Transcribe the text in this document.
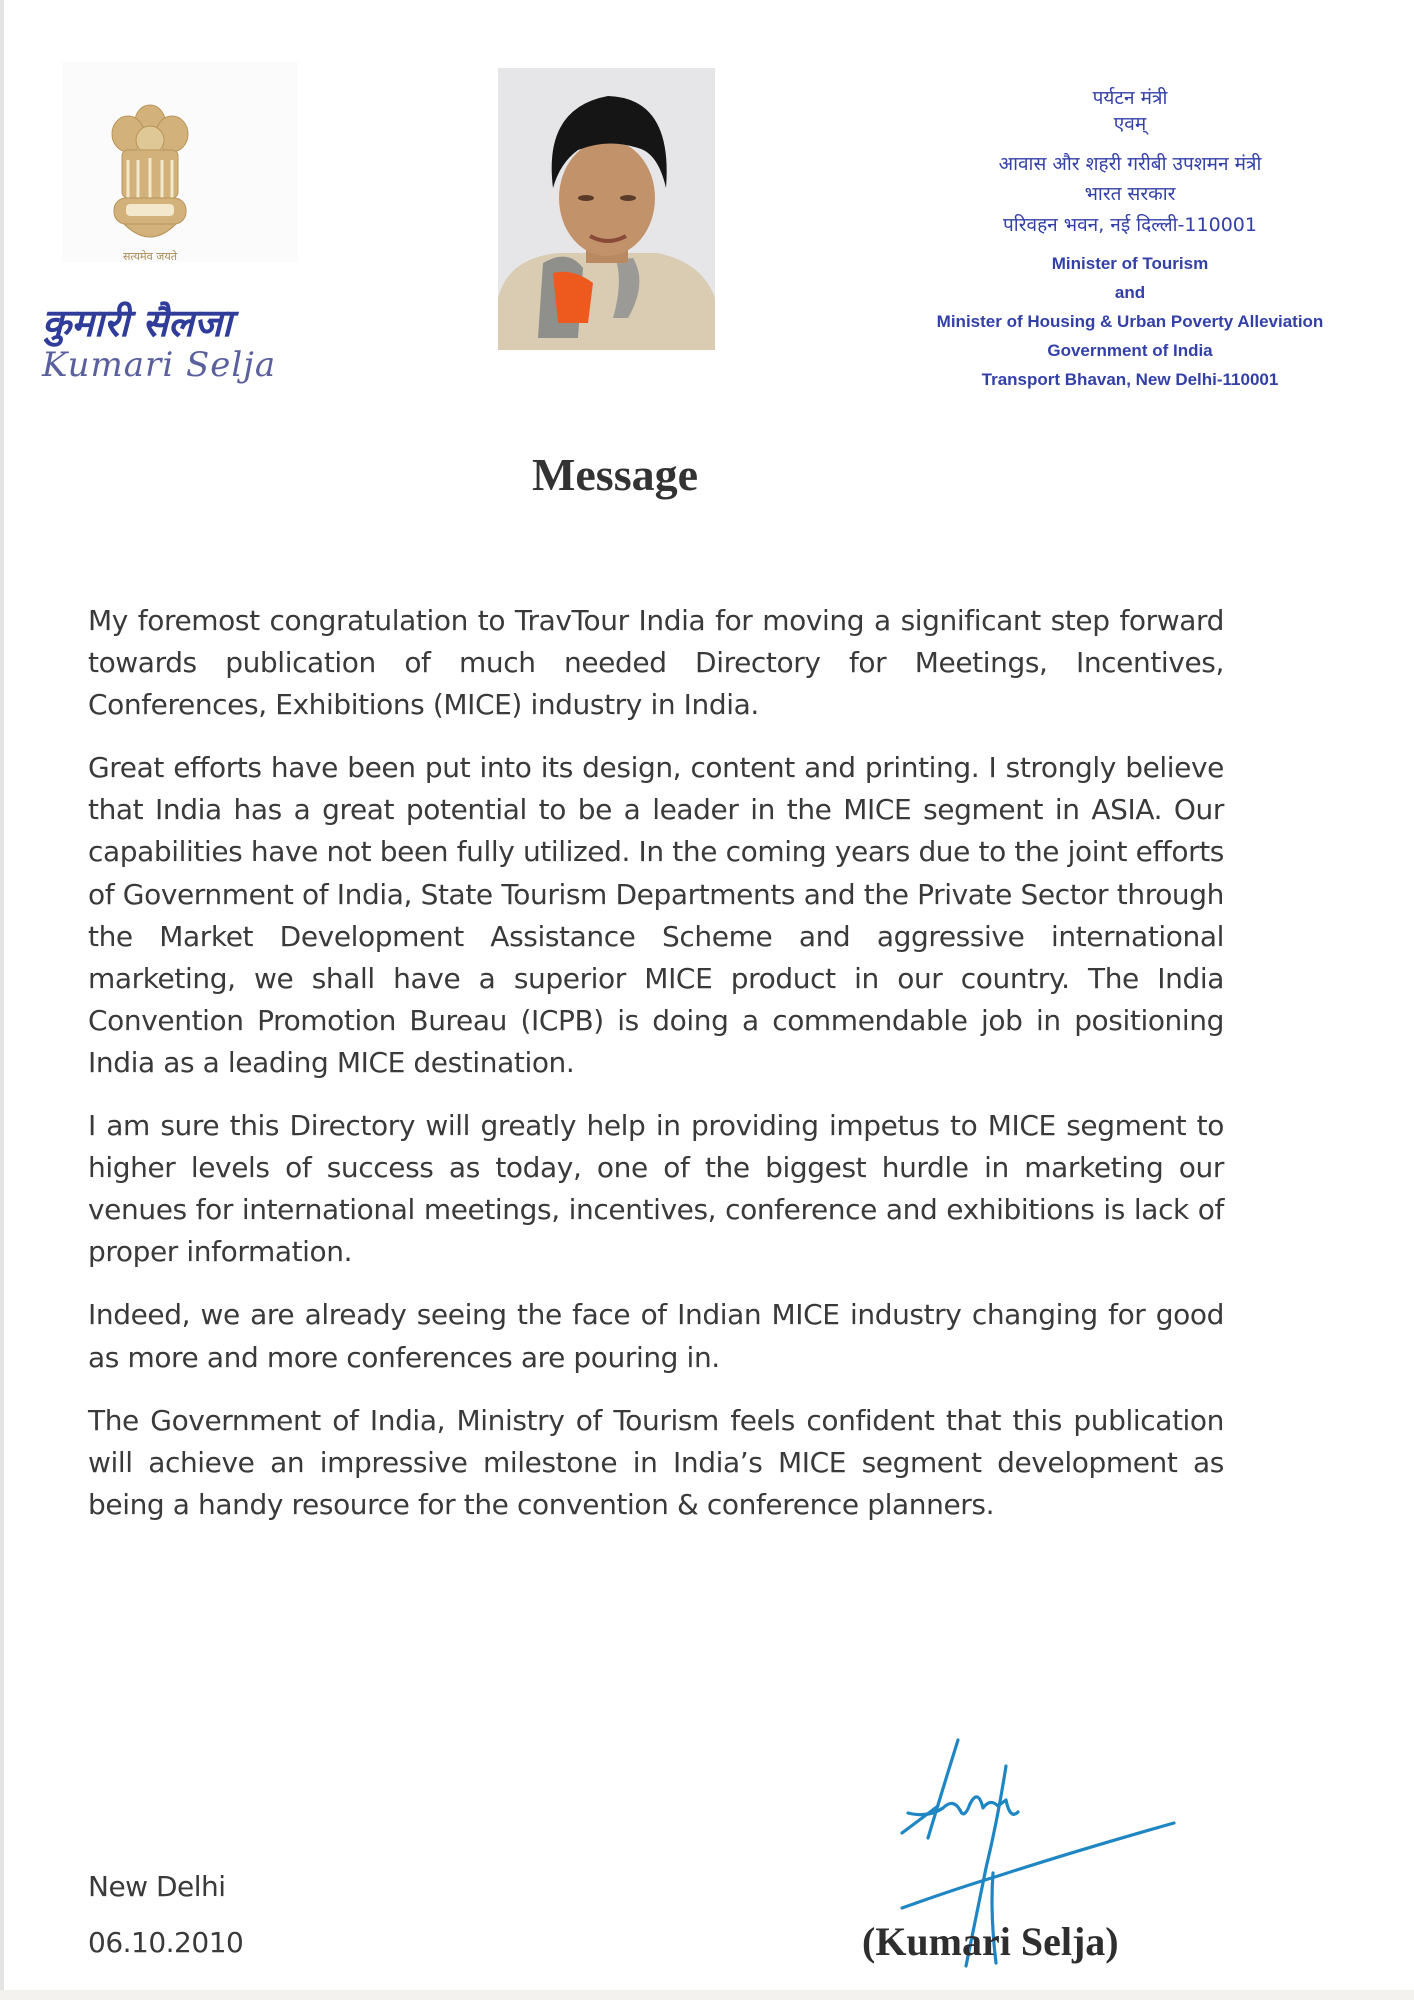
सत्यमेव जयते
कुमारी सैलजा
Kumari Selja
पर्यटन मंत्री
एवम्
आवास और शहरी गरीबी उपशमन मंत्री
भारत सरकार
परिवहन भवन, नई दिल्ली-110001
Minister of Tourism
and
Minister of Housing & Urban Poverty Alleviation
Government of India
Transport Bhavan, New Delhi-110001
Message

My foremost congratulation to TravTour India for moving a significant step forward towards publication of much needed Directory for Meetings, Incentives, Conferences, Exhibitions (MICE) industry in India.

Great efforts have been put into its design, content and printing. I strongly believe that India has a great potential to be a leader in the MICE segment in ASIA. Our capabilities have not been fully utilized. In the coming years due to the joint efforts of Government of India, State Tourism Departments and the Private Sector through the Market Development Assistance Scheme and aggressive international marketing, we shall have a superior MICE product in our country. The India Convention Promotion Bureau (ICPB) is doing a commendable job in positioning India as a leading MICE destination.

I am sure this Directory will greatly help in providing impetus to MICE segment to higher levels of success as today, one of the biggest hurdle in marketing our venues for international meetings, incentives, conference and exhibitions is lack of proper information.

Indeed, we are already seeing the face of Indian MICE industry changing for good as more and more conferences are pouring in.

The Government of India, Ministry of Tourism feels confident that this publication will achieve an impressive milestone in India’s MICE segment development as being a handy resource for the convention & conference planners.

New Delhi
06.10.2010	(Kumari Selja)
